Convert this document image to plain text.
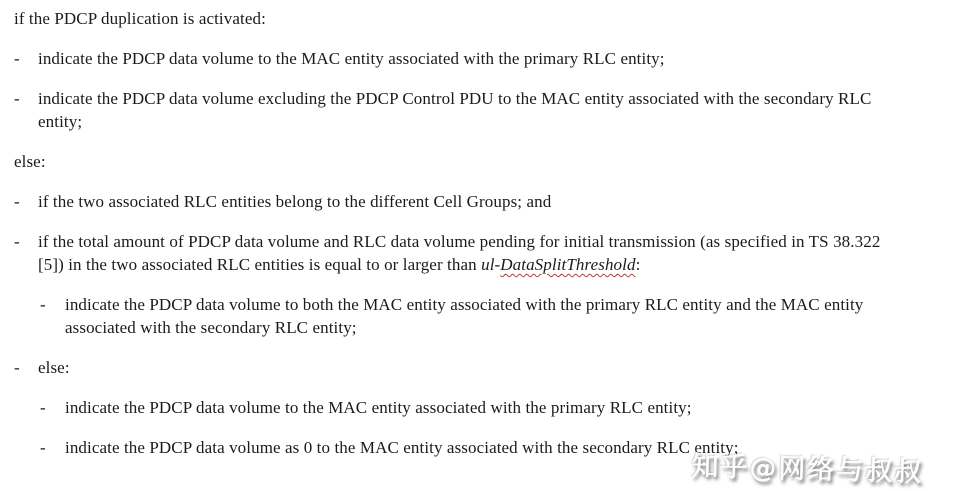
if the PDCP duplication is activated:
-	indicate the PDCP data volume to the MAC entity associated with the primary RLC entity;
-	indicate the PDCP data volume excluding the PDCP Control PDU to the MAC entity associated with the secondary RLC entity;
else:
-	if the two associated RLC entities belong to the different Cell Groups; and
-	if the total amount of PDCP data volume and RLC data volume pending for initial transmission (as specified in TS 38.322 [5]) in the two associated RLC entities is equal to or larger than ul-DataSplitThreshold:
-	indicate the PDCP data volume to both the MAC entity associated with the primary RLC entity and the MAC entity associated with the secondary RLC entity;
-	else:
-	indicate the PDCP data volume to the MAC entity associated with the primary RLC entity;
-	indicate the PDCP data volume as 0 to the MAC entity associated with the secondary RLC entity;
知乎@网络与叔叔
